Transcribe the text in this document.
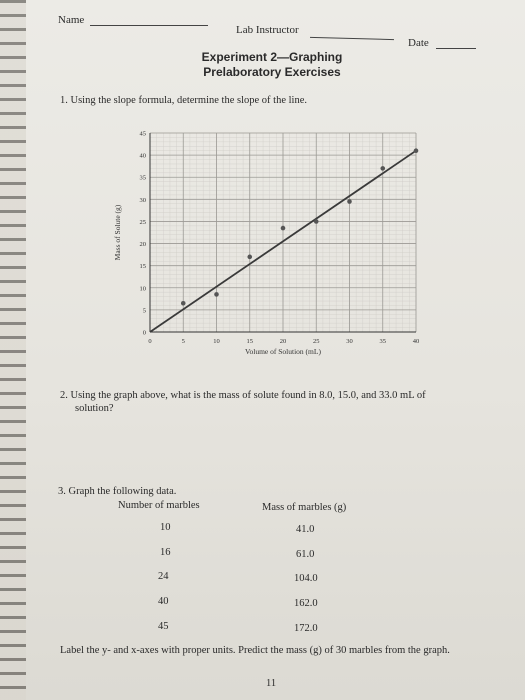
Name
Lab Instructor
Date
Experiment 2—Graphing
Prelaboratory Exercises
1. Using the slope formula, determine the slope of the line.
0	5	10	15	20	25	30	35	40
0
5
10
15
20
25
30
35
40
45
Volume of Solution (mL)
Mass of Solute (g)
2. Using the graph above, what is the mass of solute found in 8.0, 15.0, and 33.0 mL of
solution?
3. Graph the following data.
Number of marbles	Mass of marbles (g)
10	41.0
16	61.0
24	104.0
40	162.0
45	172.0
Label the y- and x-axes with proper units. Predict the mass (g) of 30 marbles from the graph.
11
